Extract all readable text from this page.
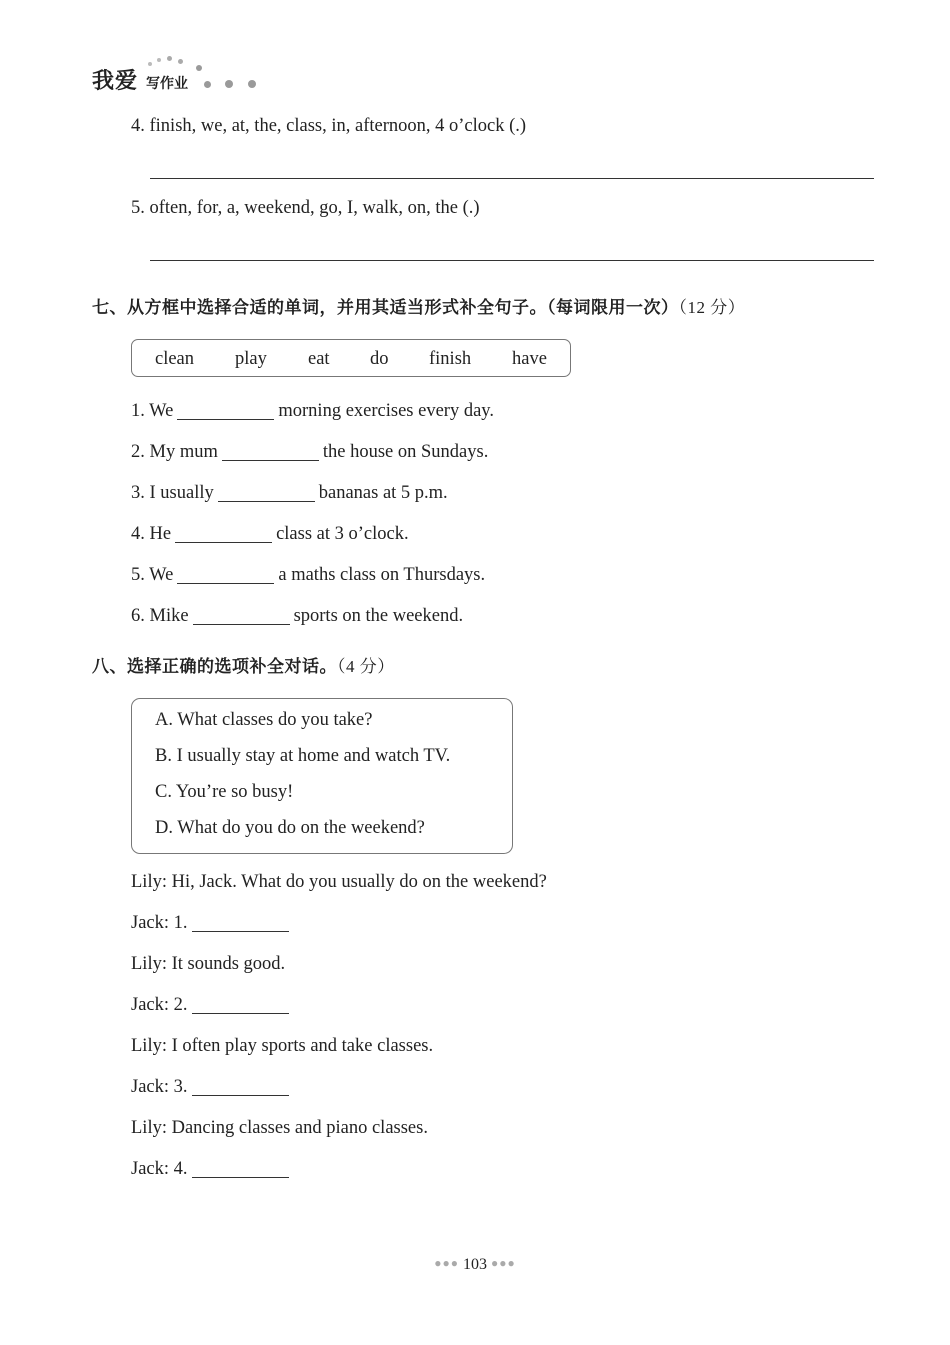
我爱 写作业
4. finish, we, at, the, class, in, afternoon, 4 o’clock (.)
5. often, for, a, weekend, go, I, walk, on, the (.)
七、从方框中选择合适的单词，并用其适当形式补全句子。（每词限用一次）（12 分）
clean play eat do finish have
1. We	morning exercises every day.
2. My mum	the house on Sundays.
3. I usually	bananas at 5 p.m.
4. He	class at 3 o’clock.
5. We	a maths class on Thursdays.
6. Mike	sports on the weekend.
八、选择正确的选项补全对话。（4 分）
A. What classes do you take?
B. I usually stay at home and watch TV.
C. You’re so busy!
D. What do you do on the weekend?
Lily: Hi, Jack. What do you usually do on the weekend?
Jack: 1.
Lily: It sounds good.
Jack: 2.
Lily: I often play sports and take classes.
Jack: 3.
Lily: Dancing classes and piano classes.
Jack: 4.
●●● 103 ●●●
